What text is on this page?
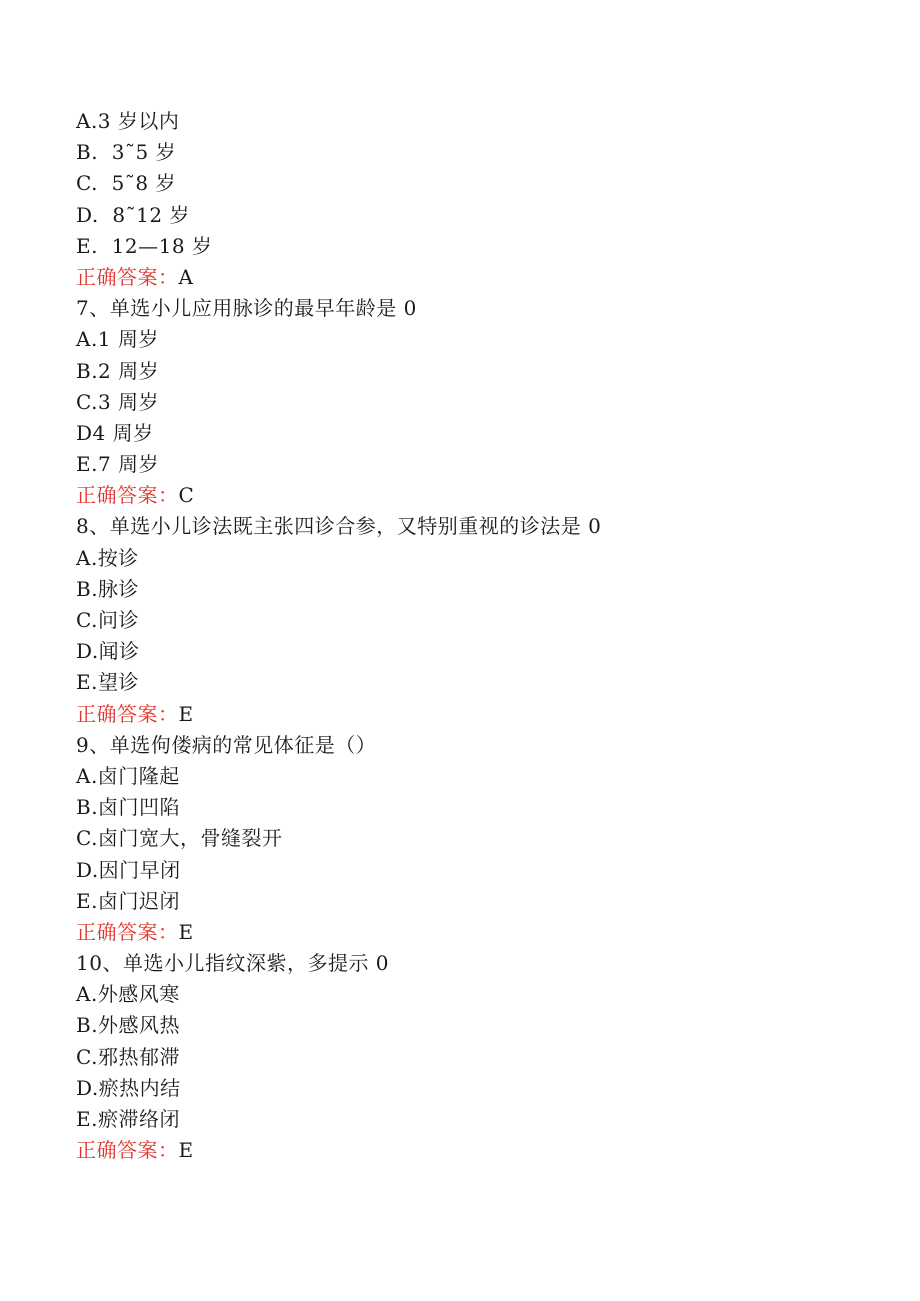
A.3 岁以内
B.  3˜5 岁
C.  5˜8 岁
D.  8˜12 岁
E.  12—18 岁
正确答案：A
7、单选小儿应用脉诊的最早年龄是 0
A.1 周岁
B.2 周岁
C.3 周岁
D4 周岁
E.7 周岁
正确答案：C
8、单选小儿诊法既主张四诊合参，又特别重视的诊法是 0
A.按诊
B.脉诊
C.问诊
D.闻诊
E.望诊
正确答案：E
9、单选佝偻病的常见体征是（）
A.卤门隆起
B.卤门凹陷
C.卤门宽大，骨缝裂开
D.因门早闭
E.卤门迟闭
正确答案：E
10、单选小儿指纹深紫，多提示 0
A.外感风寒
B.外感风热
C.邪热郁滞
D.瘀热内结
E.瘀滞络闭
正确答案：E
